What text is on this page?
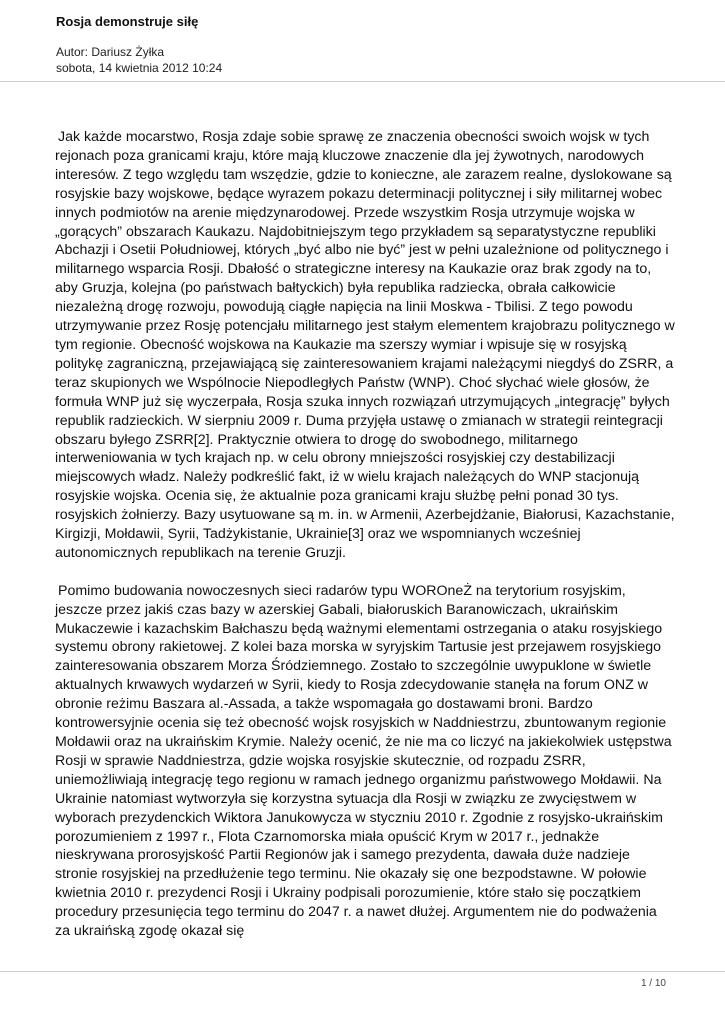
Rosja demonstruje siłę
Autor: Dariusz Żyłka
sobota, 14 kwietnia 2012 10:24

Jak każde mocarstwo, Rosja zdaje sobie sprawę ze znaczenia obecności swoich wojsk w tych rejonach poza granicami kraju, które mają kluczowe znaczenie dla jej żywotnych, narodowych interesów. Z tego względu tam wszędzie, gdzie to konieczne, ale zarazem realne, dyslokowane są rosyjskie bazy wojskowe, będące wyrazem pokazu determinacji politycznej i siły militarnej wobec innych podmiotów na arenie międzynarodowej. Przede wszystkim Rosja utrzymuje wojska w „gorących” obszarach Kaukazu. Najdobitniejszym tego przykładem są separatystyczne republiki Abchazji i Osetii Południowej, których „być albo nie być” jest w pełni uzależnione od politycznego i militarnego wsparcia Rosji. Dbałość o strategiczne interesy na Kaukazie oraz brak zgody na to, aby Gruzja, kolejna (po państwach bałtyckich) była republika radziecka, obrała całkowicie niezależną drogę rozwoju, powodują ciągłe napięcia na linii Moskwa - Tbilisi. Z tego powodu utrzymywanie przez Rosję potencjału militarnego jest stałym elementem krajobrazu politycznego w tym regionie. Obecność wojskowa na Kaukazie ma szerszy wymiar i wpisuje się w rosyjską politykę zagraniczną, przejawiającą się zainteresowaniem krajami należącymi niegdyś do ZSRR, a teraz skupionych we Wspólnocie Niepodległych Państw (WNP). Choć słychać wiele głosów, że formuła WNP już się wyczerpała, Rosja szuka innych rozwiązań utrzymujących „integrację” byłych republik radzieckich. W sierpniu 2009 r. Duma przyjęła ustawę o zmianach w strategii reintegracji obszaru byłego ZSRR[2]. Praktycznie otwiera to drogę do swobodnego, militarnego interweniowania w tych krajach np. w celu obrony mniejszości rosyjskiej czy destabilizacji miejscowych władz. Należy podkreślić fakt, iż w wielu krajach należących do WNP stacjonują rosyjskie wojska. Ocenia się, że aktualnie poza granicami kraju służbę pełni ponad 30 tys. rosyjskich żołnierzy. Bazy usytuowane są m. in. w Armenii, Azerbejdżanie, Białorusi, Kazachstanie, Kirgizji, Mołdawii, Syrii, Tadżykistanie, Ukrainie[3] oraz we wspomnianych wcześniej autonomicznych republikach na terenie Gruzji.

Pomimo budowania nowoczesnych sieci radarów typu WOROneŻ na terytorium rosyjskim, jeszcze przez jakiś czas bazy w azerskiej Gabali, białoruskich Baranowiczach, ukraińskim Mukaczewie i kazachskim Bałchaszu będą ważnymi elementami ostrzegania o ataku rosyjskiego systemu obrony rakietowej. Z kolei baza morska w syryjskim Tartusie jest przejawem rosyjskiego zainteresowania obszarem Morza Śródziemnego. Zostało to szczególnie uwypuklone w świetle aktualnych krwawych wydarzeń w Syrii, kiedy to Rosja zdecydowanie stanęła na forum ONZ w obronie reżimu Baszara al.-Assada, a także wspomagała go dostawami broni. Bardzo kontrowersyjnie ocenia się też obecność wojsk rosyjskich w Naddniestrzu, zbuntowanym regionie Mołdawii oraz na ukraińskim Krymie. Należy ocenić, że nie ma co liczyć na jakiekolwiek ustępstwa Rosji w sprawie Naddniestrza, gdzie wojska rosyjskie skutecznie, od rozpadu ZSRR, uniemożliwiają integrację tego regionu w ramach jednego organizmu państwowego Mołdawii. Na Ukrainie natomiast wytworzyła się korzystna sytuacja dla Rosji w związku ze zwycięstwem w wyborach prezydenckich Wiktora Janukowycza w styczniu 2010 r. Zgodnie z rosyjsko-ukraińskim porozumieniem z 1997 r., Flota Czarnomorska miała opuścić Krym w 2017 r., jednakże nieskrywana prorosyjskość Partii Regionów jak i samego prezydenta, dawała duże nadzieje stronie rosyjskiej na przedłużenie tego terminu. Nie okazały się one bezpodstawne. W połowie kwietnia 2010 r. prezydenci Rosji i Ukrainy podpisali porozumienie, które stało się początkiem procedury przesunięcia tego terminu do 2047 r. a nawet dłużej. Argumentem nie do podważenia za ukraińską zgodę okazał się

1 / 10
